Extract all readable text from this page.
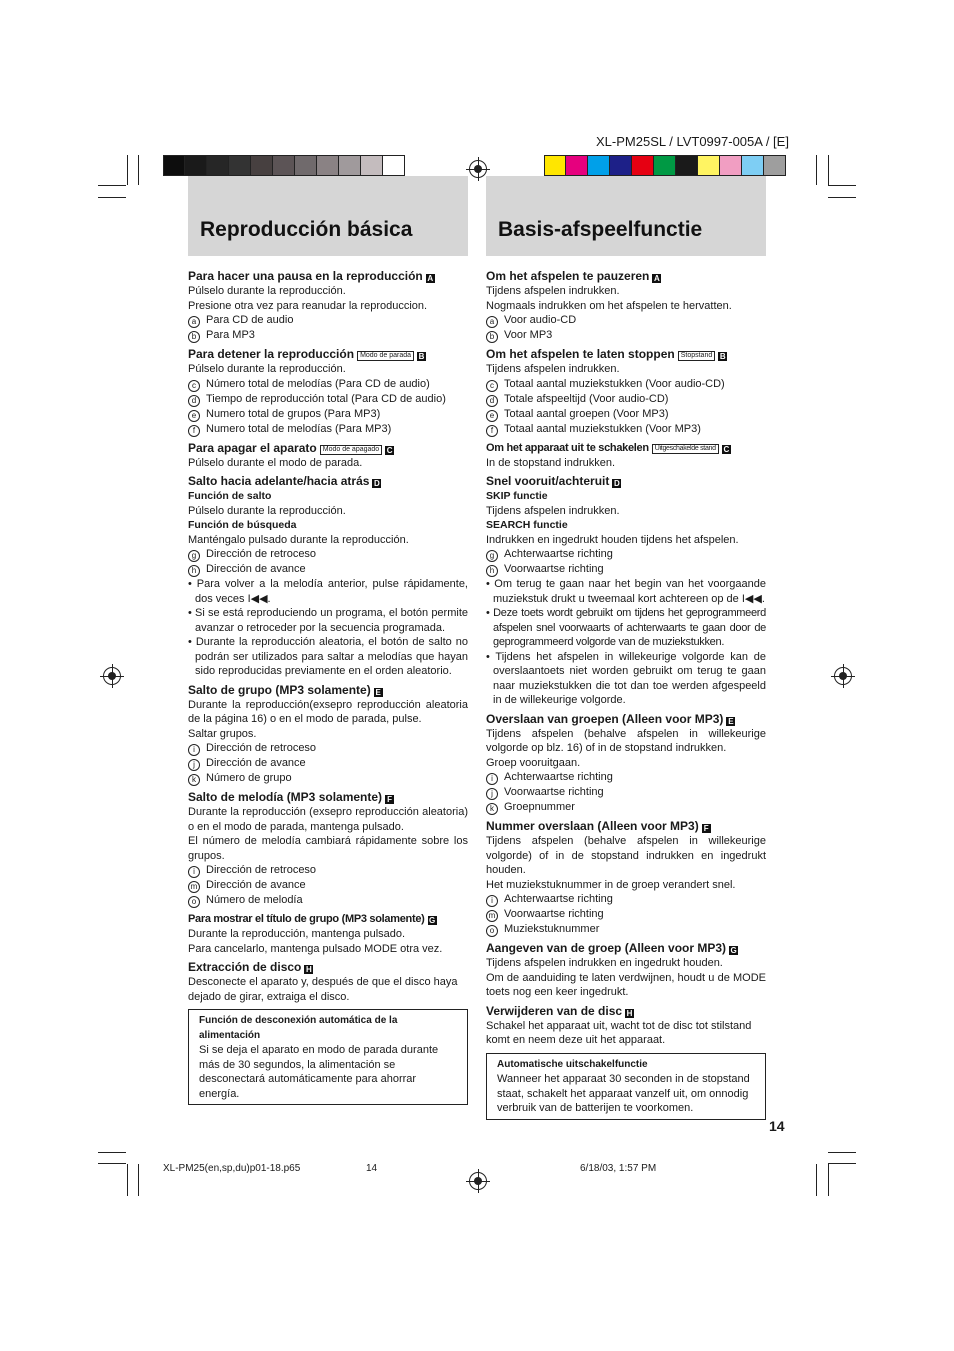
XL-PM25SL / LVT0997-005A / [E]
Reproducción básica	Basis-afspeelfunctie
Para hacer una pausa en la reproducción A

Púlselo durante la reproducción.

Presione otra vez para reanudar la reproduccion.

a Para CD de audio

b Para MP3

Para detener la reproducción Modo de parada B

Púlselo durante la reproducción.

c Número total de melodías (Para CD de audio)

d Tiempo de reproducción total (Para CD de audio)

e Numero total de grupos (Para MP3)

f Numero total de melodías (Para MP3)

Para apagar el aparato Modo de apagado C

Púlselo durante el modo de parada.

Salto hacia adelante/hacia atrás D

Función de salto

Púlselo durante la reproducción.

Función de búsqueda

Manténgalo pulsado durante la reproducción.

g Dirección de retroceso

h Dirección de avance

• Para volver a la melodía anterior, pulse rápidamente, dos veces I◀◀.

• Si se está reproduciendo un programa, el botón permite avanzar o retroceder por la secuencia programada.

• Durante la reproducción aleatoria, el botón de salto no podrán ser utilizados para saltar a melodías que hayan sido reproducidas previamente en el orden aleatorio.

Salto de grupo (MP3 solamente) E

Durante la reproducción(exsepro reproducción aleatoria de la página 16) o en el modo de parada, pulse.

Saltar grupos.

i Dirección de retroceso

j Dirección de avance

k Número de grupo

Salto de melodía (MP3 solamente) F

Durante la reproducción (exsepro reproducción aleatoria) o en el modo de parada, mantenga pulsado.

El número de melodía cambiará rápidamente sobre los grupos.

i Dirección de retroceso

m Dirección de avance

o Número de melodía

Para mostrar el título de grupo (MP3 solamente) G

Durante la reproducción, mantenga pulsado.

Para cancelarlo, mantenga pulsado MODE otra vez.

Extracción de disco H

Desconecte el aparato y, después de que el disco haya dejado de girar, extraiga el disco.

Función de desconexión automática de la alimentación

Si se deja el aparato en modo de parada durante más de 30 segundos, la alimentación se desconectará automáticamente para ahorrar energía.

Om het afspelen te pauzeren A

Tijdens afspelen indrukken.

Nogmaals indrukken om het afspelen te hervatten.

a Voor audio-CD

b Voor MP3

Om het afspelen te laten stoppen Stopstand B

Tijdens afspelen indrukken.

c Totaal aantal muziekstukken (Voor audio-CD)

d Totale afspeeltijd (Voor audio-CD)

e Totaal aantal groepen (Voor MP3)

f Totaal aantal muziekstukken (Voor MP3)

Om het apparaat uit te schakelen Uitgeschakelde stand C

In de stopstand indrukken.

Snel vooruit/achteruit D

SKIP functie

Tijdens afspelen indrukken.

SEARCH functie

Indrukken en ingedrukt houden tijdens het afspelen.

g Achterwaartse richting

h Voorwaartse richting

• Om terug te gaan naar het begin van het voorgaande muziekstuk drukt u tweemaal kort achtereen op de I◀◀.

• Deze toets wordt gebruikt om tijdens het geprogrammeerd afspelen snel voorwaarts of achterwaarts te gaan door de geprogrammeerd volgorde van de muziekstukken.

• Tijdens het afspelen in willekeurige volgorde kan de overslaantoets niet worden gebruikt om terug te gaan naar muziekstukken die tot dan toe werden afgespeeld in de willekeurige volgorde.

Overslaan van groepen (Alleen voor MP3) E

Tijdens afspelen (behalve afspelen in willekeurige volgorde op blz. 16) of in de stopstand indrukken.

Groep vooruitgaan.

i Achterwaartse richting

j Voorwaartse richting

k Groepnummer

Nummer overslaan (Alleen voor MP3) F

Tijdens afspelen (behalve afspelen in willekeurige volgorde) of in de stopstand indrukken en ingedrukt houden.

Het muziekstuknummer in de groep verandert snel.

i Achterwaartse richting

m Voorwaartse richting

o Muziekstuknummer

Aangeven van de groep (Alleen voor MP3) G

Tijdens afspelen indrukken en ingedrukt houden.

Om de aanduiding te laten verdwijnen, houdt u de MODE toets nog een keer ingedrukt.

Verwijderen van de disc H

Schakel het apparaat uit, wacht tot de disc tot stilstand komt en neem deze uit het apparaat.

Automatische uitschakelfunctie

Wanneer het apparaat 30 seconden in de stopstand staat, schakelt het apparaat vanzelf uit, om onnodig verbruik van de batterijen te voorkomen.

14
XL-PM25(en,sp,du)p01-18.p65	14	6/18/03, 1:57 PM
